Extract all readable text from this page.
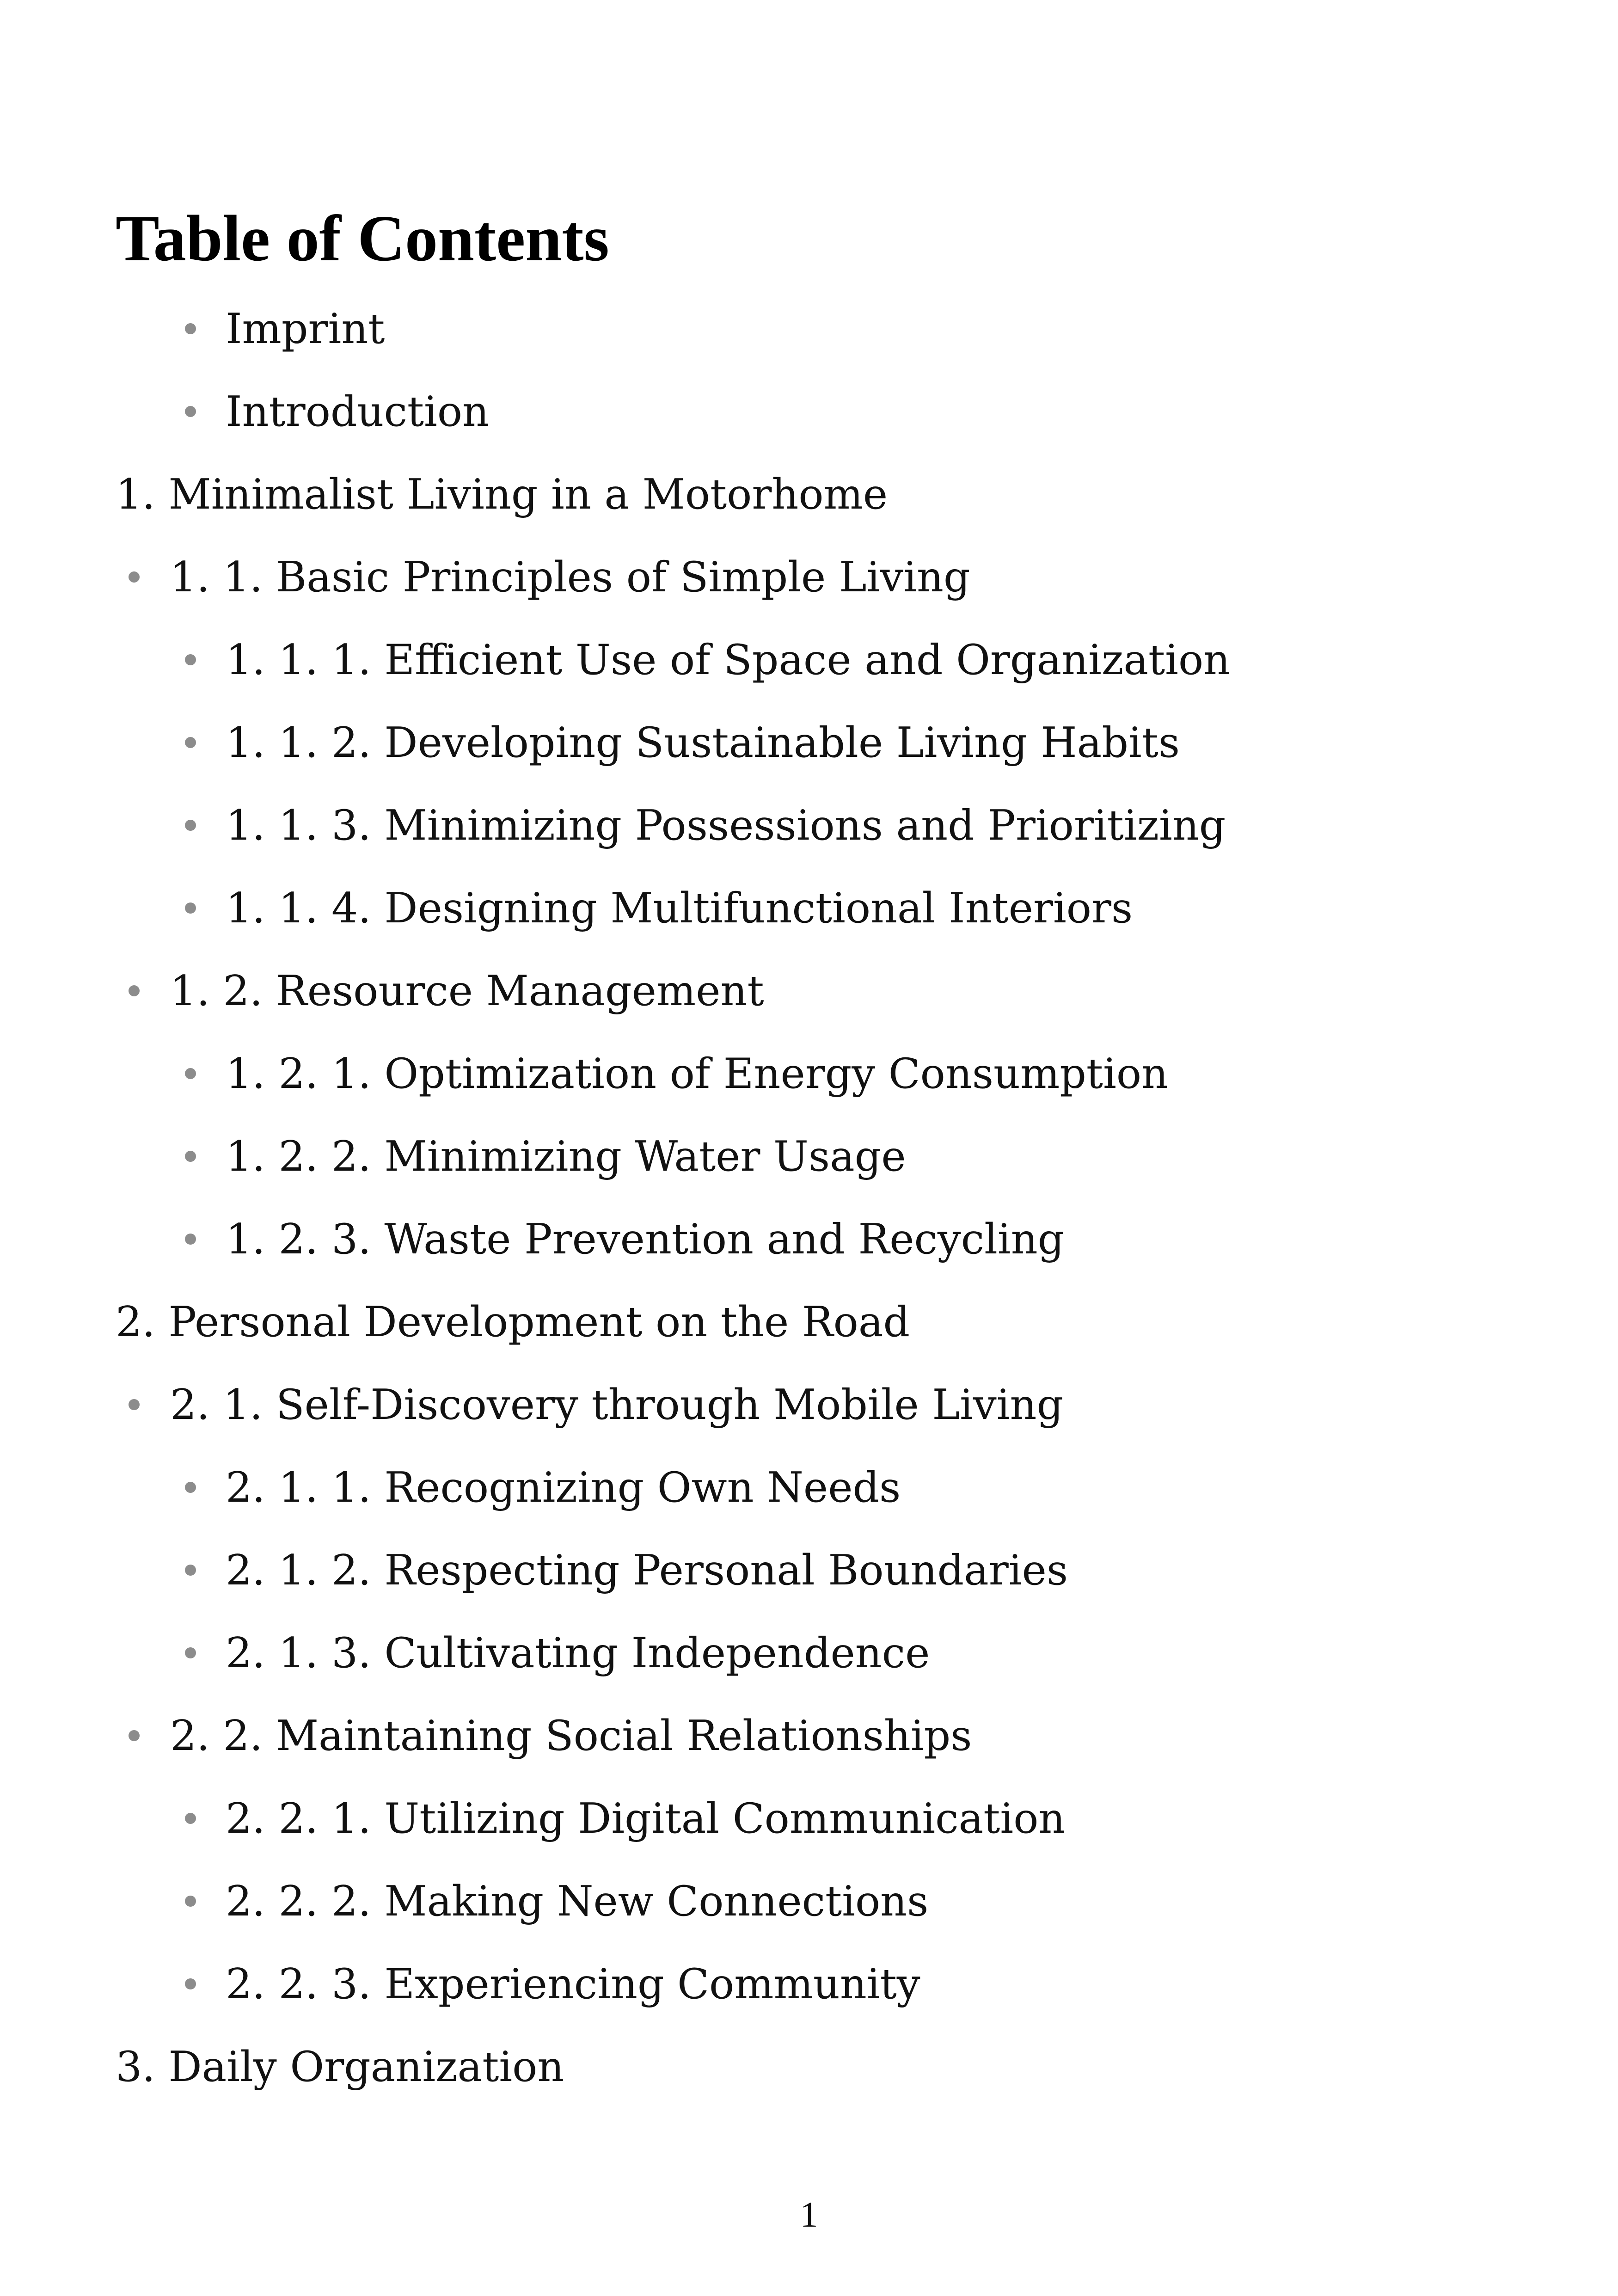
Table of Contents
Imprint
Introduction
1. Minimalist Living in a Motorhome
1. 1. Basic Principles of Simple Living
1. 1. 1. Efficient Use of Space and Organization
1. 1. 2. Developing Sustainable Living Habits
1. 1. 3. Minimizing Possessions and Prioritizing
1. 1. 4. Designing Multifunctional Interiors
1. 2. Resource Management
1. 2. 1. Optimization of Energy Consumption
1. 2. 2. Minimizing Water Usage
1. 2. 3. Waste Prevention and Recycling
2. Personal Development on the Road
2. 1. Self-Discovery through Mobile Living
2. 1. 1. Recognizing Own Needs
2. 1. 2. Respecting Personal Boundaries
2. 1. 3. Cultivating Independence
2. 2. Maintaining Social Relationships
2. 2. 1. Utilizing Digital Communication
2. 2. 2. Making New Connections
2. 2. 3. Experiencing Community
3. Daily Organization
1
